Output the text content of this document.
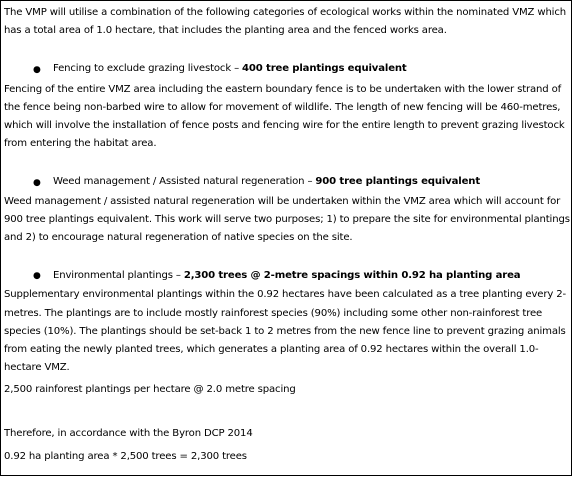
The VMP will utilise a combination of the following categories of ecological works within the nominated VMZ which has a total area of 1.0 hectare, that includes the planting area and the fenced works area.

●	Fencing to exclude grazing livestock – 400 tree plantings equivalent

Fencing of the entire VMZ area including the eastern boundary fence is to be undertaken with the lower strand of the fence being non-barbed wire to allow for movement of wildlife. The length of new fencing will be 460-metres, which will involve the installation of fence posts and fencing wire for the entire length to prevent grazing livestock from entering the habitat area.

●	Weed management / Assisted natural regeneration – 900 tree plantings equivalent

Weed management / assisted natural regeneration will be undertaken within the VMZ area which will account for 900 tree plantings equivalent. This work will serve two purposes; 1) to prepare the site for environmental plantings and 2) to encourage natural regeneration of native species on the site.

●	Environmental plantings – 2,300 trees @ 2-metre spacings within 0.92 ha planting area

Supplementary environmental plantings within the 0.92 hectares have been calculated as a tree planting every 2-metres. The plantings are to include mostly rainforest species (90%) including some other non-rainforest tree species (10%). The plantings should be set-back 1 to 2 metres from the new fence line to prevent grazing animals from eating the newly planted trees, which generates a planting area of 0.92 hectares within the overall 1.0-hectare VMZ.

2,500 rainforest plantings per hectare @ 2.0 metre spacing

Therefore, in accordance with the Byron DCP 2014

0.92 ha planting area * 2,500 trees = 2,300 trees
